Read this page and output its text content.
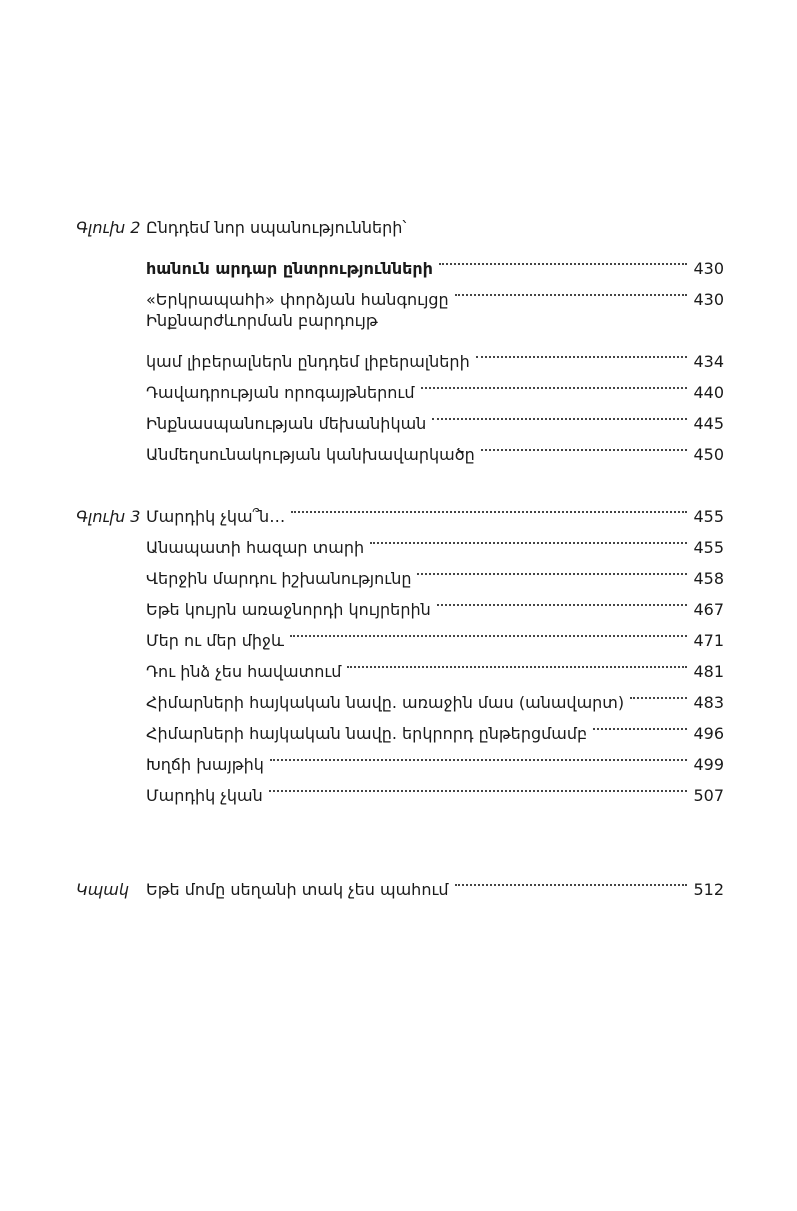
Գլուխ 2 Ընդդեմ նոր սպանությունների՝
հանուն արդար ընտրությունների	430
«Երկրապահի» փորձյան հանգույցը	430
Ինքնարժևորման բարդույթ
կամ լիբերալներն ընդդեմ լիբերալների	434
Դավադրության որոգայթներում	440
Ինքնասպանության մեխանիկան	445
Անմեղսունակության կանխավարկածը	450
Գլուխ 3 Մարդիկ չկա՞ն…	455
Անապատի հազար տարի	455
Վերջին մարդու իշխանությունը	458
Եթե կույրն առաջնորդի կույրերին	467
Մեր ու մեր միջև	471
Դու ինձ չես հավատում	481
Հիմարների հայկական նավը. առաջին մաս (անավարտ)	483
Հիմարների հայկական նավը. երկրորդ ընթերցմամբ	496
Խղճի խայթիկ	499
Մարդիկ չկան	507
Կպակ	Եթե մոմը սեղանի տակ չես պահում	512
